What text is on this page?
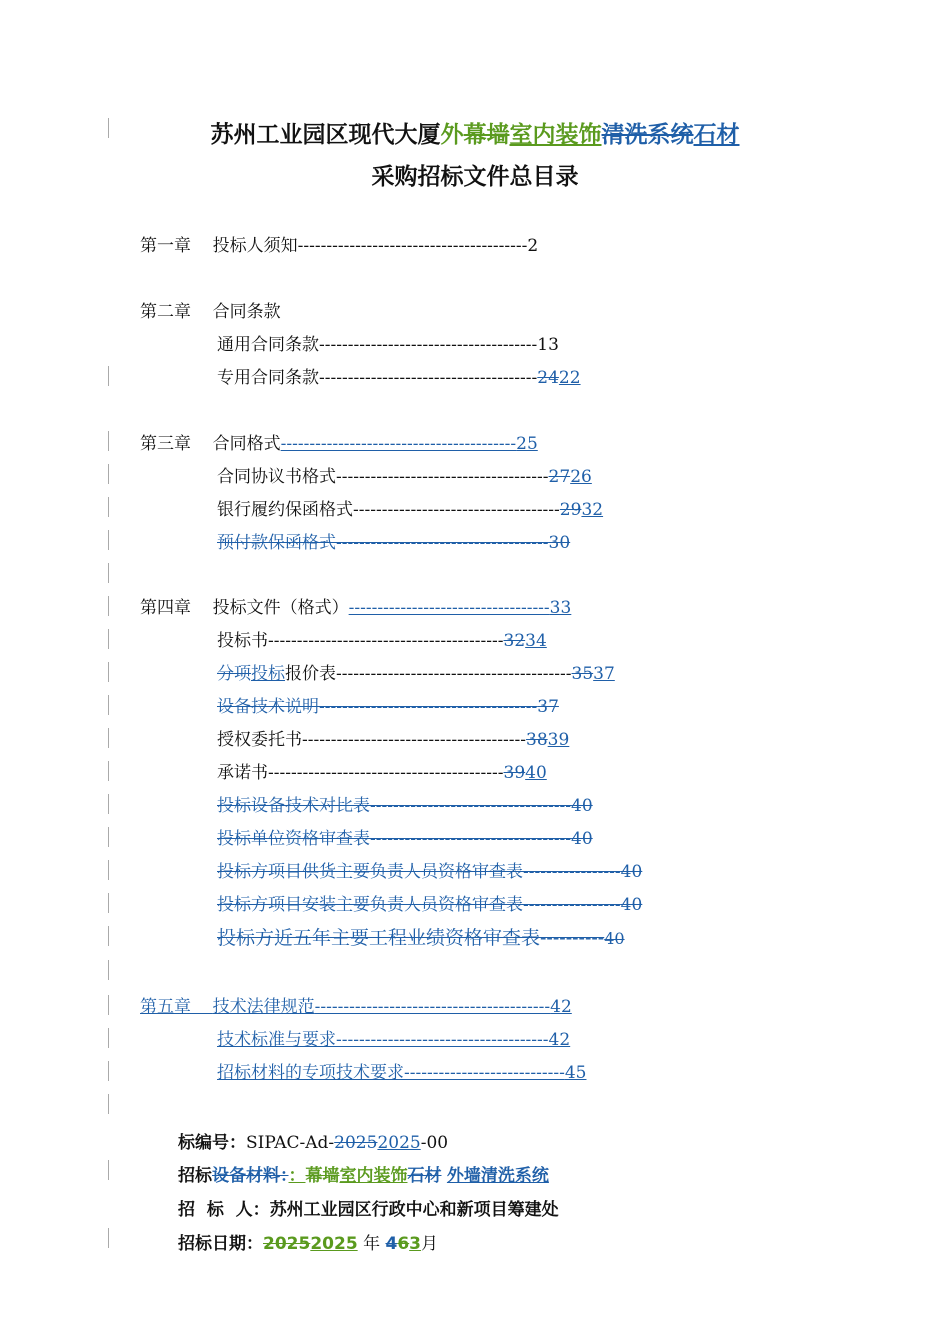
苏州工业园区现代大厦外幕墙室内装饰清洗系统石材
采购招标文件总目录
第一章 投标人须知----------------------------------------2
第二章 合同条款
通用合同条款--------------------------------------13
专用合同条款--------------------------------------2422
第三章 合同格式-----------------------------------------25
合同协议书格式-------------------------------------2726
银行履约保函格式------------------------------------2932
预付款保函格式-------------------------------------30
第四章 投标文件（格式）-----------------------------------33
投标书-----------------------------------------3234
分项投标报价表-----------------------------------------3537
设备技术说明--------------------------------------37
授权委托书---------------------------------------3839
承诺书-----------------------------------------3940
投标设备技术对比表-----------------------------------40
投标单位资格审查表-----------------------------------40
投标方项目供货主要负责人员资格审查表-----------------40
投标方项目安装主要负责人员资格审查表-----------------40
投标方近五年主要工程业绩资格审查表----------40
第五章 技术法律规范-----------------------------------------42
技术标准与要求-------------------------------------42
招标材料的专项技术要求----------------------------45
标编号：SIPAC-Ad-20252025-00
招标设备材料：：幕墙室内装饰石材 外墙清洗系统
招  标  人：苏州工业园区行政中心和新项目筹建处
招标日期：20252025 年 463月
